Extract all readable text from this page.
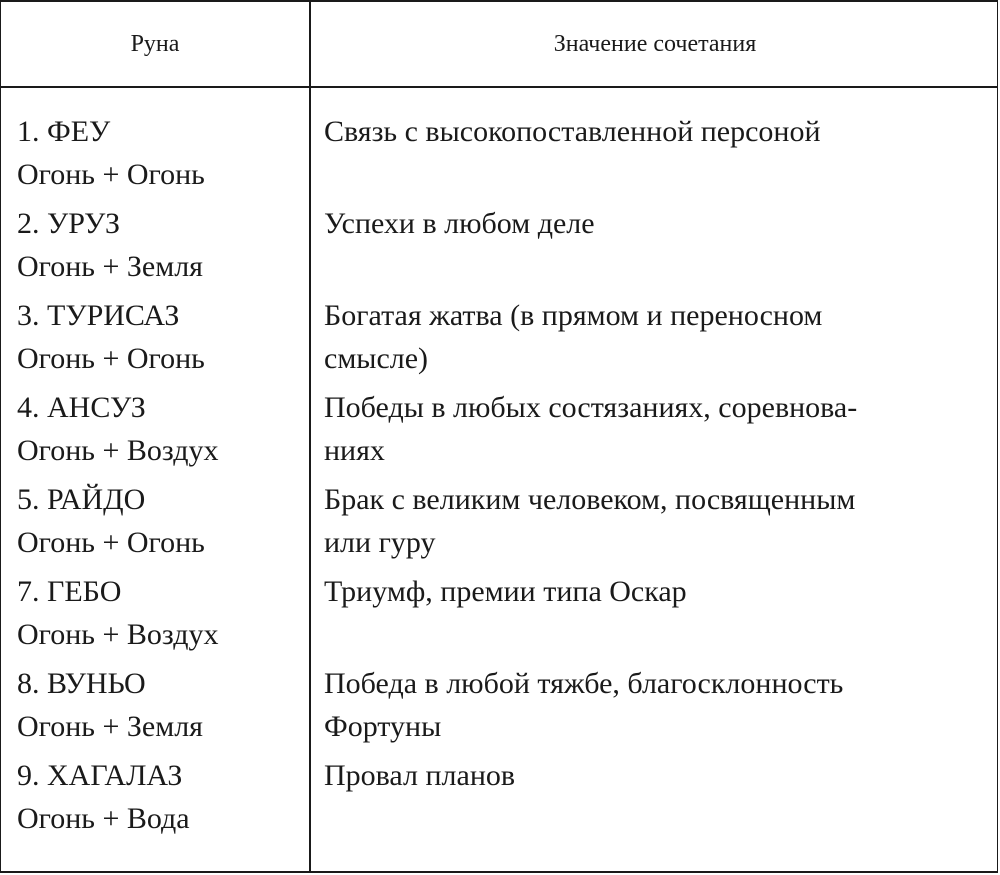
Руна	Значение сочетания
1. ФЕУ
Огонь + Огонь
Связь с высокопоставленной персоной
2. УРУЗ
Огонь + Земля
Успехи в любом деле
3. ТУРИСАЗ
Огонь + Огонь
Богатая жатва (в прямом и переносном
смысле)
4. АНСУЗ
Огонь + Воздух
Победы в любых состязаниях, соревнова-
ниях
5. РАЙДО
Огонь + Огонь
Брак с великим человеком, посвященным
или гуру
7. ГЕБО
Огонь + Воздух
Триумф, премии типа Оскар
8. ВУНЬО
Огонь + Земля
Победа в любой тяжбе, благосклонность
Фортуны
9. ХАГАЛАЗ
Огонь + Вода
Провал планов
